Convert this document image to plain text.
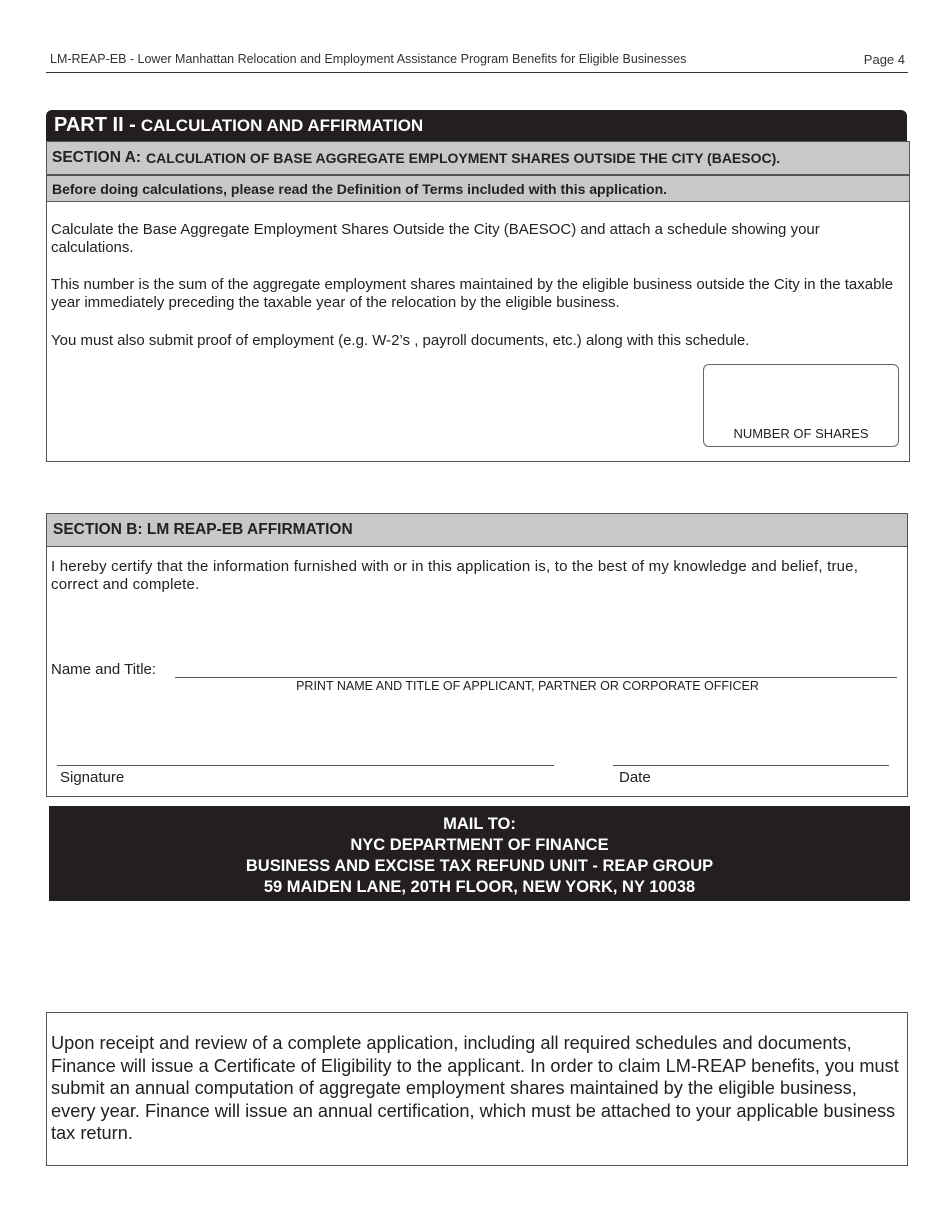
LM-REAP-EB - Lower Manhattan Relocation and Employment Assistance Program Benefits for Eligible Businesses	Page 4
PART II - CALCULATION AND AFFIRMATION
SECTION A: CALCULATION OF BASE AGGREGATE EMPLOYMENT SHARES OUTSIDE THE CITY (BAESOC).
Before doing calculations, please read the Definition of Terms included with this application.
Calculate the Base Aggregate Employment Shares Outside the City (BAESOC) and attach a schedule showing your calculations.
This number is the sum of the aggregate employment shares maintained by the eligible business outside the City in the taxable year immediately preceding the taxable year of the relocation by the eligible business.
You must also submit proof of employment (e.g. W-2’s , payroll documents, etc.) along with this schedule.
NUMBER OF SHARES
SECTION B: LM REAP-EB AFFIRMATION
I hereby certify that the information furnished with or in this application is, to the best of my knowledge and belief, true, correct and complete.
Name and Title:
PRINT NAME AND TITLE OF APPLICANT, PARTNER OR CORPORATE OFFICER
Signature	Date
MAIL TO:
NYC DEPARTMENT OF FINANCE
BUSINESS AND EXCISE TAX REFUND UNIT - REAP GROUP
59 MAIDEN LANE, 20TH FLOOR, NEW YORK, NY 10038
Upon receipt and review of a complete application, including all required schedules and documents, Finance will issue a Certificate of Eligibility to the applicant. In order to claim LM-REAP benefits, you must submit an annual computation of aggregate employment shares maintained by the eligible business, every year. Finance will issue an annual certification, which must be attached to your applicable business tax return.
